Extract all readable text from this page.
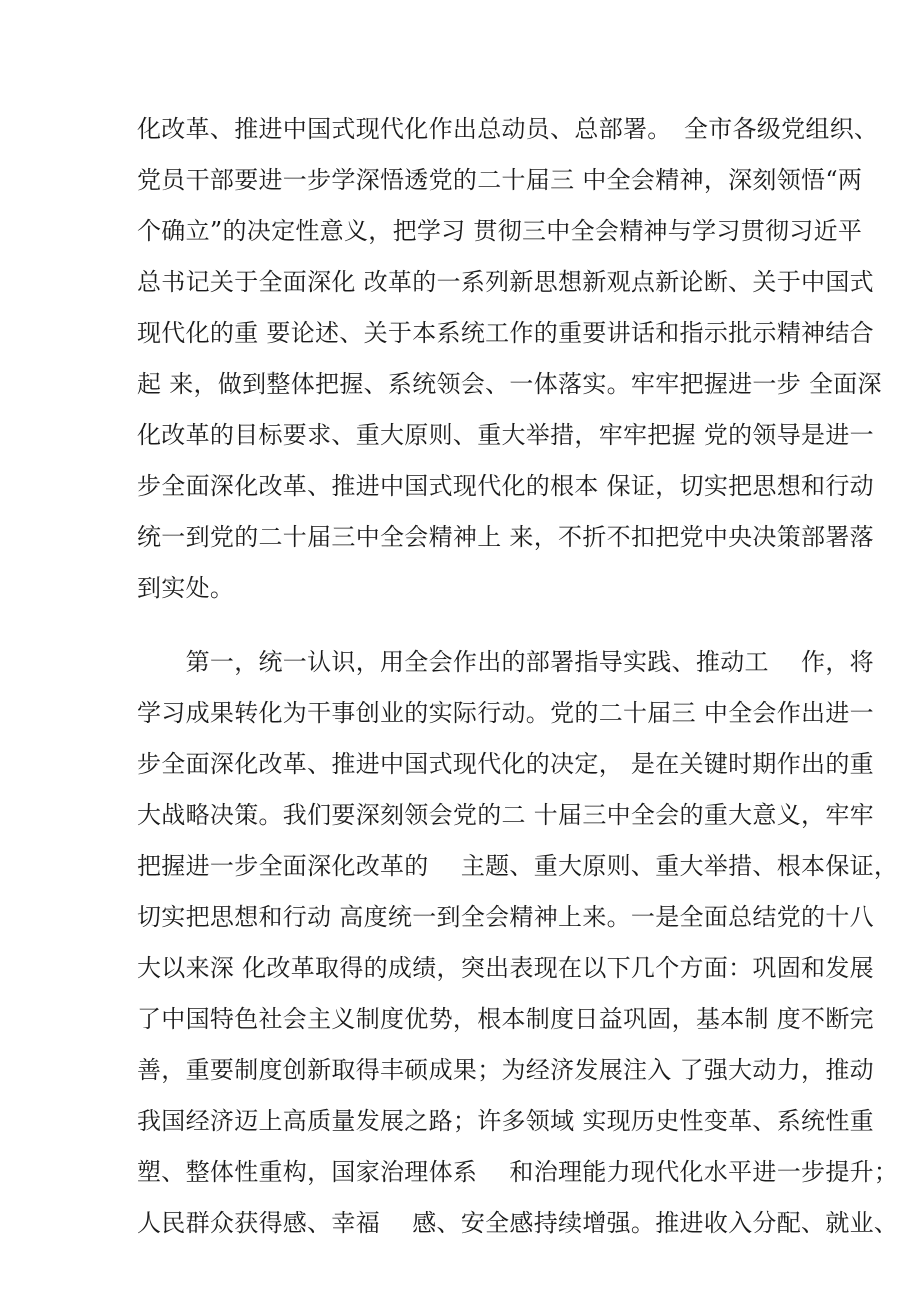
化改革、推进中国式现代化作出总动员、总部署。　全市各级党组织、
党员干部要进一步学深悟透党的二十届三 中全会精神，深刻领悟“两
个确立”的决定性意义，把学习 贯彻三中全会精神与学习贯彻习近平
总书记关于全面深化 改革的一系列新思想新观点新论断、关于中国式
现代化的重 要论述、关于本系统工作的重要讲话和指示批示精神结合
起 来，做到整体把握、系统领会、一体落实。牢牢把握进一步 全面深
化改革的目标要求、重大原则、重大举措，牢牢把握 党的领导是进一
步全面深化改革、推进中国式现代化的根本 保证，切实把思想和行动
统一到党的二十届三中全会精神上 来，不折不扣把党中央决策部署落
到实处。
　　第一，统一认识，用全会作出的部署指导实践、推动工　 作，将
学习成果转化为干事创业的实际行动。党的二十届三 中全会作出进一
步全面深化改革、推进中国式现代化的决定， 是在关键时期作出的重
大战略决策。我们要深刻领会党的二 十届三中全会的重大意义，牢牢
把握进一步全面深化改革的　 主题、重大原则、重大举措、根本保证，
切实把思想和行动 高度统一到全会精神上来。一是全面总结党的十八
大以来深 化改革取得的成绩，突出表现在以下几个方面：巩固和发展
了中国特色社会主义制度优势，根本制度日益巩固，基本制 度不断完
善，重要制度创新取得丰硕成果；为经济发展注入 了强大动力，推动
我国经济迈上高质量发展之路；许多领域 实现历史性变革、系统性重
塑、整体性重构，国家治理体系　 和治理能力现代化水平进一步提升；
人民群众获得感、幸福　 感、安全感持续增强。推进收入分配、就业、
